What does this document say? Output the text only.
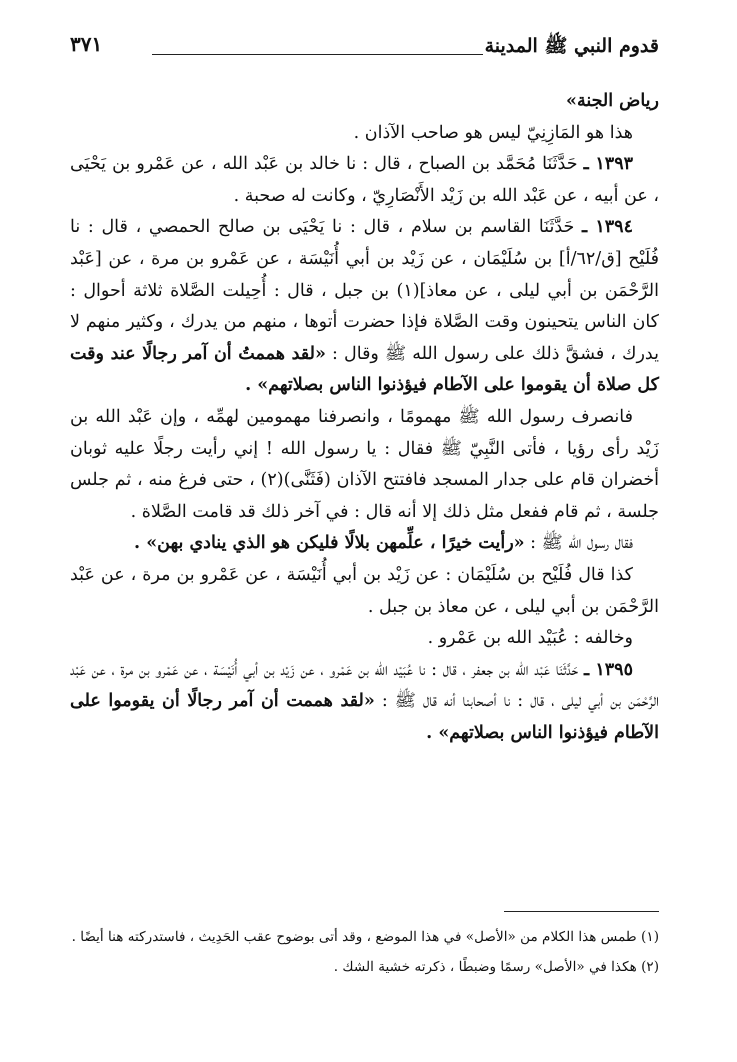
قدوم النبي ﷺ المدينة
٣٧١

رياض الجنة»

هذا هو المَازِنِيّ ليس هو صاحب الآذان .

١٣٩٣ ـ حَدَّثَنَا مُحَمَّد بن الصباح ، قال : نا خالد بن عَبْد الله ، عن عَمْرو بن يَحْيَى ، عن أبيه ، عن عَبْد الله بن زَيْد الأَنْصَارِيّ ، وكانت له صحبة .

١٣٩٤ ـ حَدَّثَنَا القاسم بن سلام ، قال : نا يَحْيَى بن صالح الحمصي ، قال : نا فُلَيْح [ق/٦٢/أ] بن سُلَيْمَان ، عن زَيْد بن أبي أُنَيْسَة ، عن عَمْرو بن مرة ، عن [عَبْد الرَّحْمَن بن أبي ليلى ، عن معاذ](١) بن جبل ، قال : أُحِيلت الصَّلاة ثلاثة أحوال : كان الناس يتحينون وقت الصَّلاة فإذا حضرت أتوها ، منهم من يدرك ، وكثير منهم لا يدرك ، فشقَّ ذلك على رسول الله ﷺ وقال : «لقد هممتُ أن آمر رجالًا عند وقت كل صلاة أن يقوموا على الآطام فيؤذنوا الناس بصلاتهم» .

فانصرف رسول الله ﷺ مهمومًا ، وانصرفنا مهمومين لهمِّه ، وإن عَبْد الله بن زَيْد رأى رؤيا ، فأتى النَّبِيّ ﷺ فقال : يا رسول الله ! إني رأيت رجلًا عليه ثوبان أخضران قام على جدار المسجد فافتتح الآذان (فَثَنَّى)(٢) ، حتى فرغ منه ، ثم جلس جلسة ، ثم قام ففعل مثل ذلك إلا أنه قال : في آخر ذلك قد قامت الصَّلاة .

فقال رسول الله ﷺ : «رأيت خيرًا ، علِّمهن بلالًا فليكن هو الذي ينادي بهن» .

كذا قال فُلَيْح بن سُلَيْمَان : عن زَيْد بن أبي أُنَيْسَة ، عن عَمْرو بن مرة ، عن عَبْد الرَّحْمَن بن أبي ليلى ، عن معاذ بن جبل .

وخالفه : عُبَيْد الله بن عَمْرو .

١٣٩٥ ـ حَدَّثَنَا عَبْد الله بن جعفر ، قال : نا عُبَيْد الله بن عَمْرو ، عن زَيْد بن أبي أُنَيْسَة ، عن عَمْرو بن مرة ، عن عَبْد الرَّحْمَن بن أبي ليلى ، قال : نا أصحابنا أنه قال ﷺ : «لقد هممت أن آمر رجالًا أن يقوموا على الآطام فيؤذنوا الناس بصلاتهم» .

(١) طمس هذا الكلام من «الأصل» في هذا الموضع ، وقد أتى بوضوح عقب الحَدِيث ، فاستدركته هنا أيضًا .

(٢) هكذا في «الأصل» رسمًا وضبطًا ، ذكرته خشية الشك .
